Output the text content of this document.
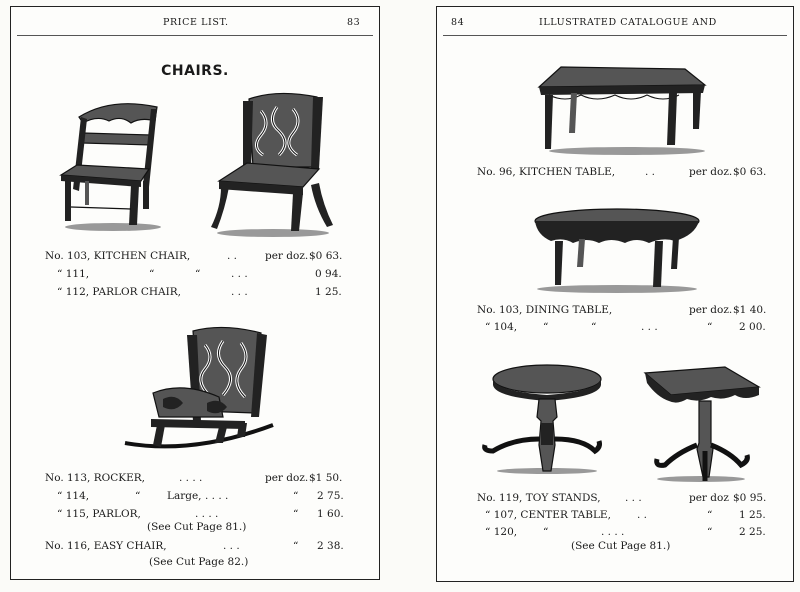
PRICE LIST.	83
CHAIRS.
No. 103, KITCHEN CHAIR,	. .	per doz. $0 63.
“ 111,	“	“	. . .	0 94.
“ 112, PARLOR CHAIR,	. . .	1 25.
No. 113, ROCKER,	. . . .	per doz. $1 50.
“ 114,	“	Large, . . . .	“ 2 75.
“ 115, PARLOR,	. . . .	“ 1 60.
(See Cut Page 81.)
No. 116, EASY CHAIR,	. . .	“ 2 38.
(See Cut Page 82.)
84	ILLUSTRATED CATALOGUE AND
No. 96, KITCHEN TABLE,	. .	per doz. $0 63.
No. 103, DINING TABLE,	per doz. $1 40.
“ 104, “	“	. . .	“	2 00.
No. 119, TOY STANDS, . . .	per doz $0 95.
“ 107, CENTER TABLE, . .	“	1 25.
“ 120, “	. . . .	“	2 25.
(See Cut Page 81.)
